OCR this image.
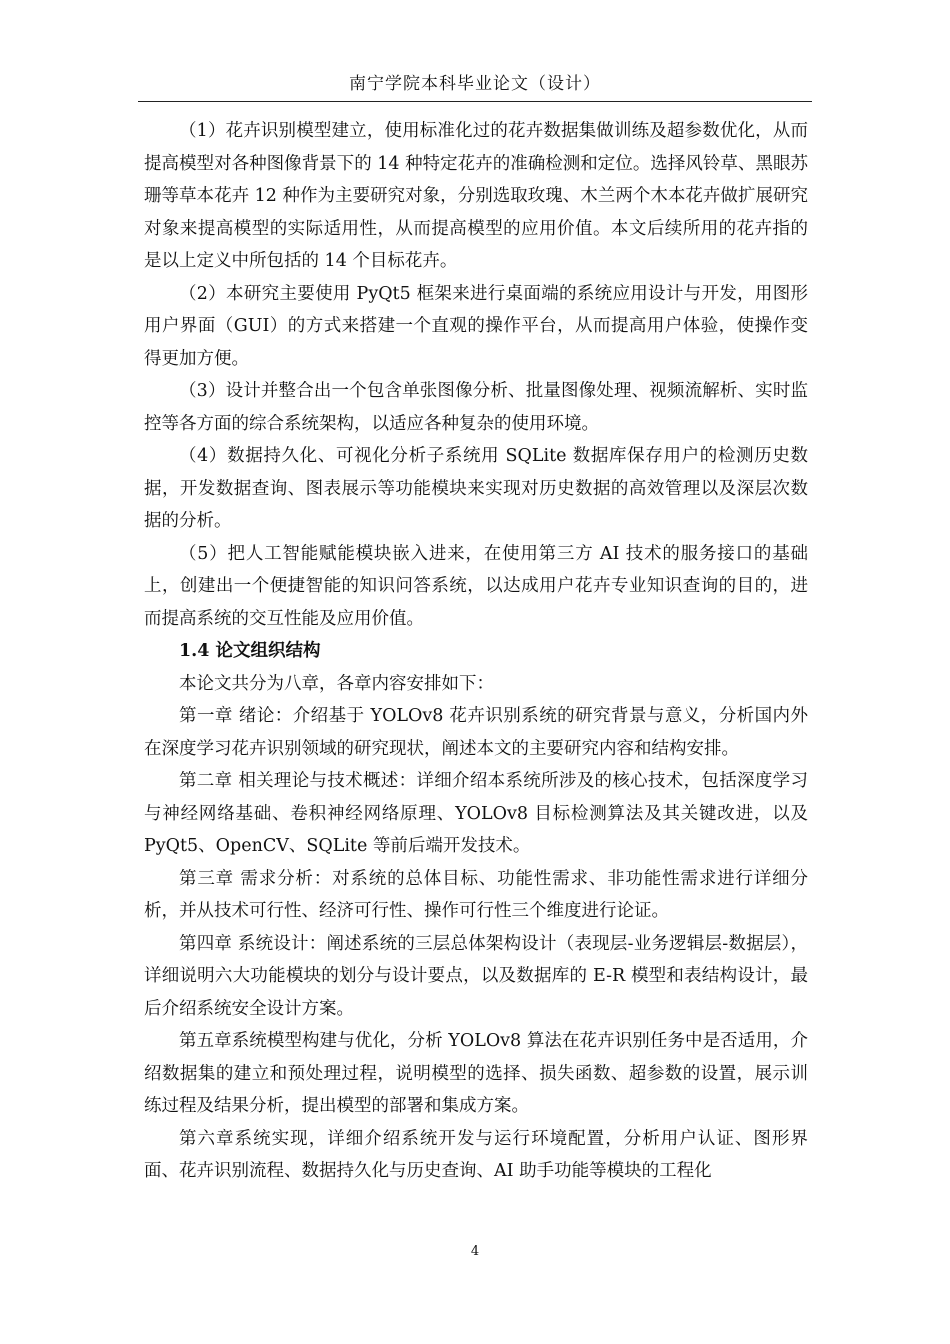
南宁学院本科毕业论文（设计）

（1）花卉识别模型建立，使用标准化过的花卉数据集做训练及超参数优化，从而提高模型对各种图像背景下的 14 种特定花卉的准确检测和定位。选择风铃草、黑眼苏珊等草本花卉 12 种作为主要研究对象，分别选取玫瑰、木兰两个木本花卉做扩展研究对象来提高模型的实际适用性，从而提高模型的应用价值。本文后续所用的花卉指的是以上定义中所包括的 14 个目标花卉。

（2）本研究主要使用 PyQt5 框架来进行桌面端的系统应用设计与开发，用图形用户界面（GUI）的方式来搭建一个直观的操作平台，从而提高用户体验，使操作变得更加方便。

（3）设计并整合出一个包含单张图像分析、批量图像处理、视频流解析、实时监控等各方面的综合系统架构，以适应各种复杂的使用环境。

（4）数据持久化、可视化分析子系统用 SQLite 数据库保存用户的检测历史数据，开发数据查询、图表展示等功能模块来实现对历史数据的高效管理以及深层次数据的分析。

（5）把人工智能赋能模块嵌入进来，在使用第三方 AI 技术的服务接口的基础上，创建出一个便捷智能的知识问答系统，以达成用户花卉专业知识查询的目的，进而提高系统的交互性能及应用价值。

1.4 论文组织结构

本论文共分为八章，各章内容安排如下：

第一章 绪论：介绍基于 YOLOv8 花卉识别系统的研究背景与意义，分析国内外在深度学习花卉识别领域的研究现状，阐述本文的主要研究内容和结构安排。

第二章 相关理论与技术概述：详细介绍本系统所涉及的核心技术，包括深度学习与神经网络基础、卷积神经网络原理、YOLOv8 目标检测算法及其关键改进，以及 PyQt5、OpenCV、SQLite 等前后端开发技术。

第三章 需求分析：对系统的总体目标、功能性需求、非功能性需求进行详细分析，并从技术可行性、经济可行性、操作可行性三个维度进行论证。

第四章 系统设计：阐述系统的三层总体架构设计（表现层-业务逻辑层-数据层），详细说明六大功能模块的划分与设计要点，以及数据库的 E-R 模型和表结构设计，最后介绍系统安全设计方案。

第五章系统模型构建与优化，分析 YOLOv8 算法在花卉识别任务中是否适用，介绍数据集的建立和预处理过程，说明模型的选择、损失函数、超参数的设置，展示训练过程及结果分析，提出模型的部署和集成方案。

第六章系统实现，详细介绍系统开发与运行环境配置，分析用户认证、图形界面、花卉识别流程、数据持久化与历史查询、AI 助手功能等模块的工程化

4
